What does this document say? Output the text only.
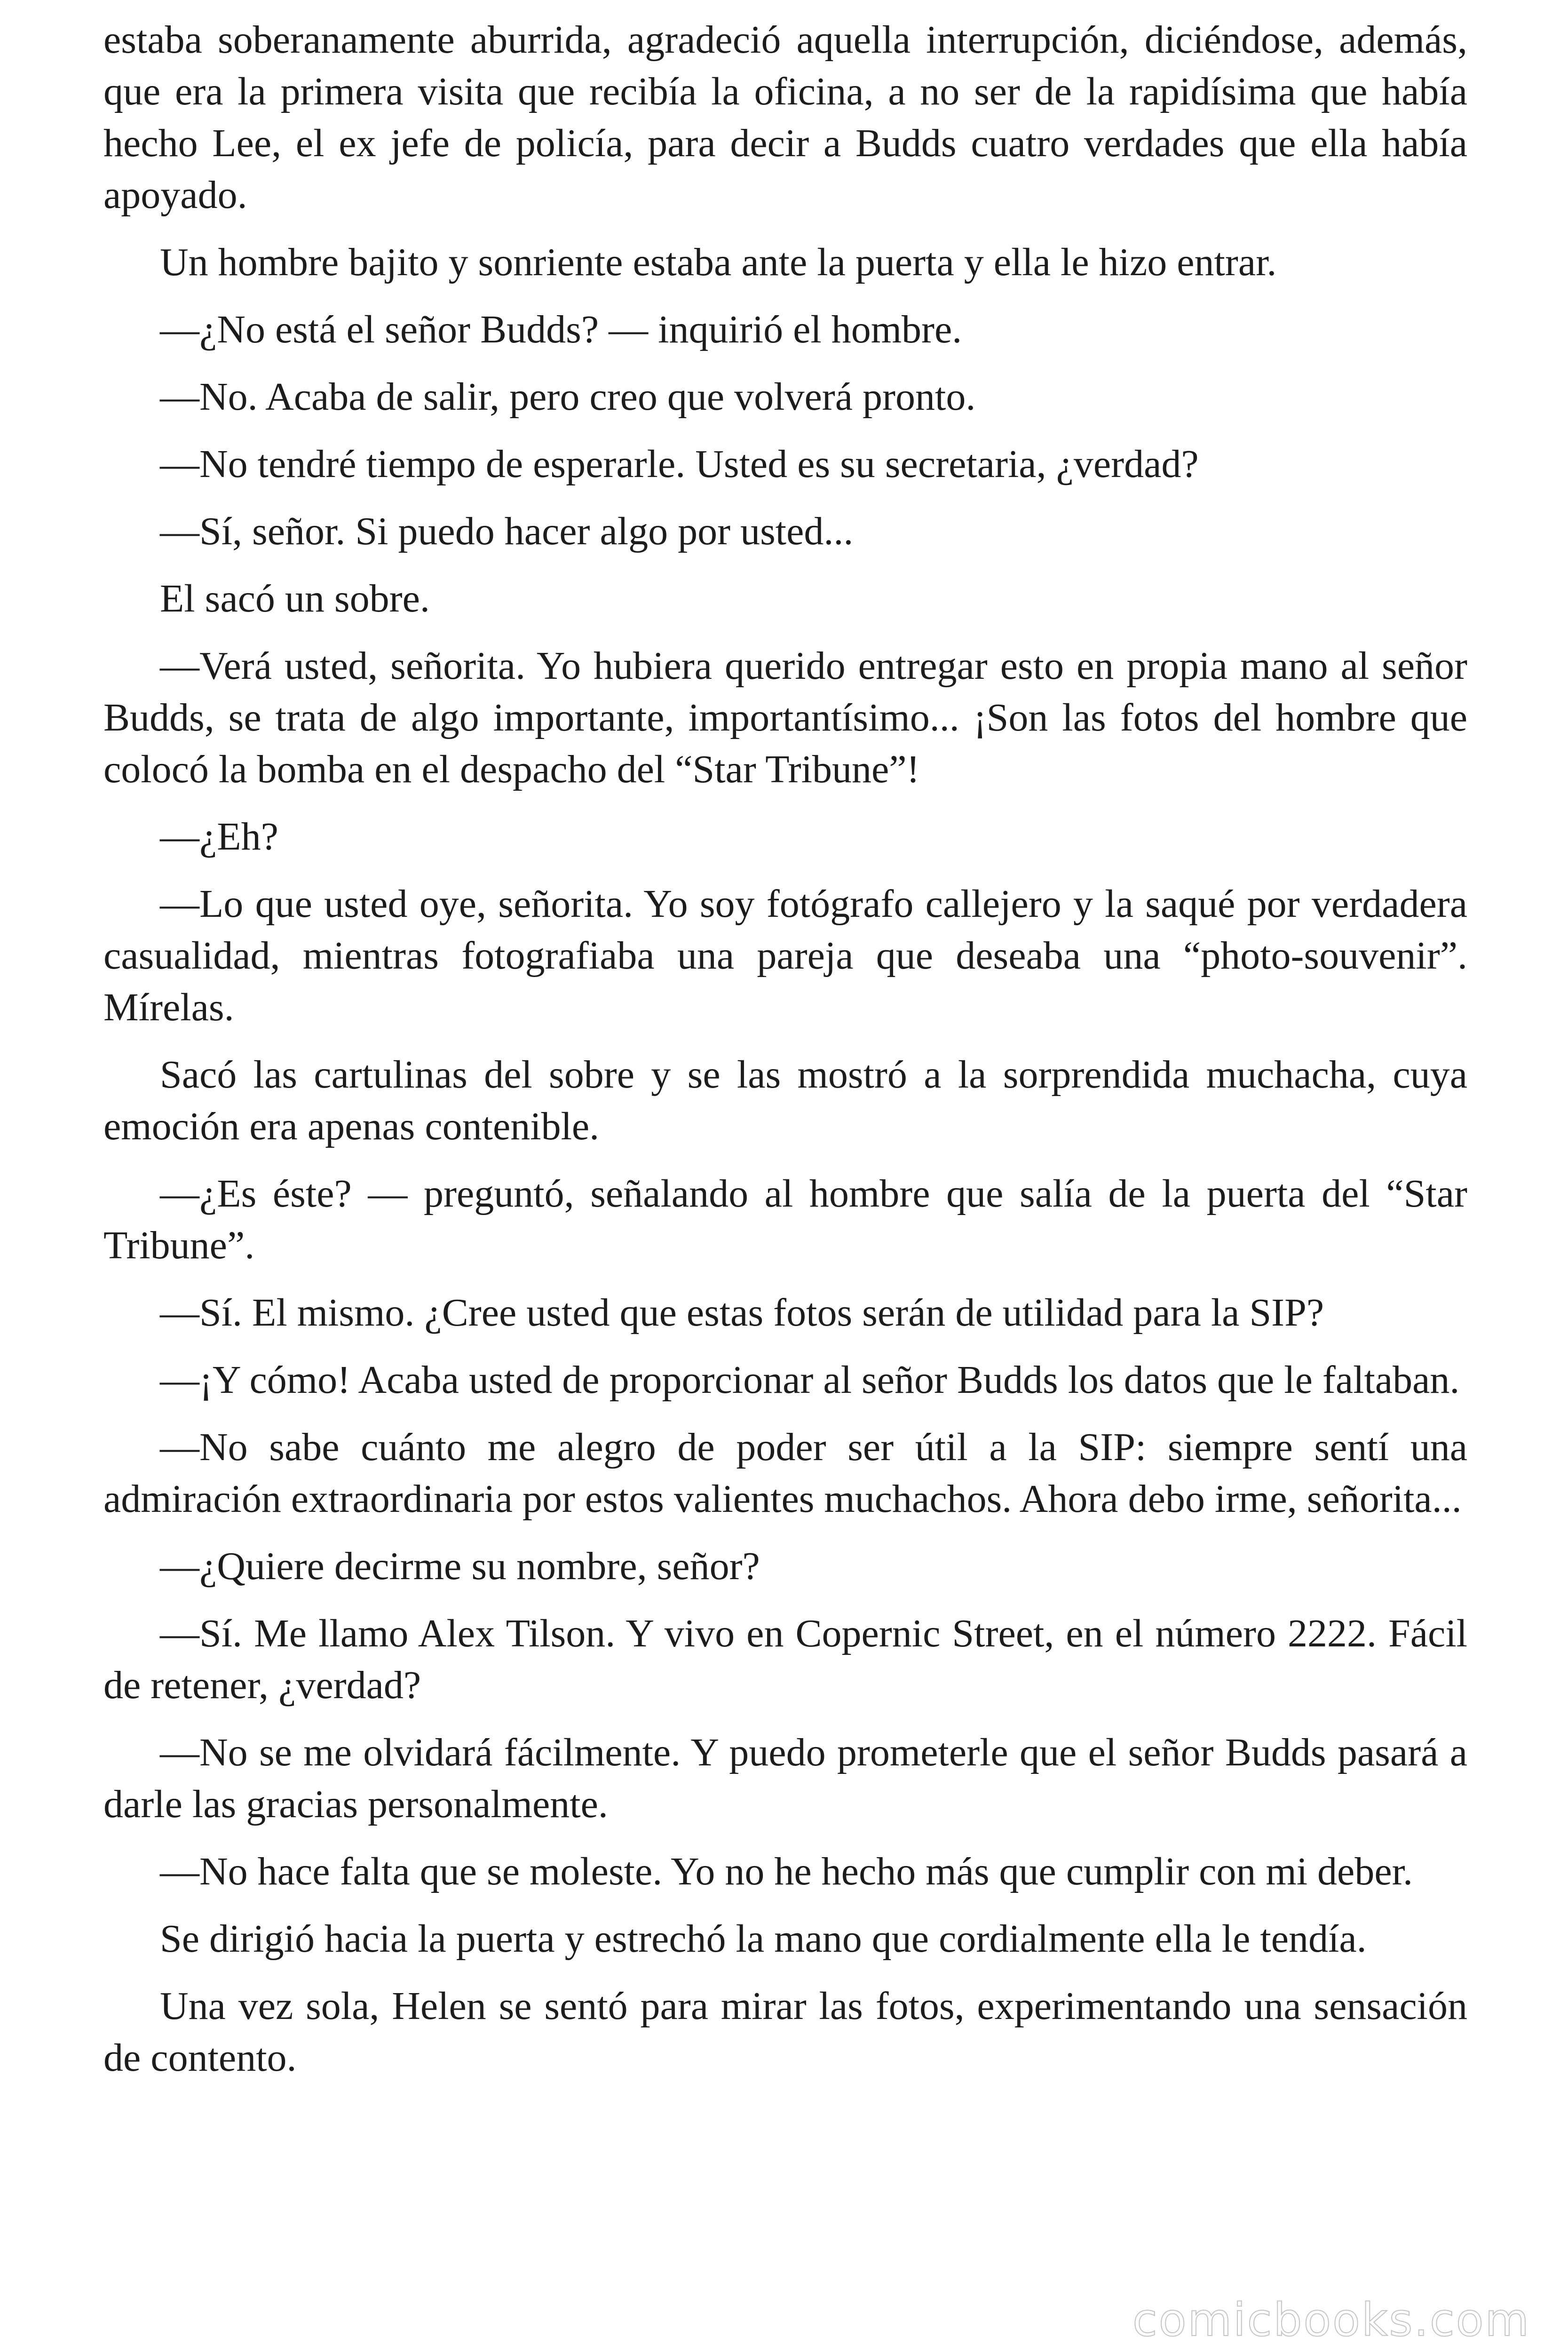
estaba soberanamente aburrida, agradeció aquella interrupción, diciéndose, además, que era la primera visita que recibía la oficina, a no ser de la rapidísima que había hecho Lee, el ex jefe de policía, para decir a Budds cuatro verdades que ella había apoyado.

Un hombre bajito y sonriente estaba ante la puerta y ella le hizo entrar.

—¿No está el señor Budds? — inquirió el hombre.

—No. Acaba de salir, pero creo que volverá pronto.

—No tendré tiempo de esperarle. Usted es su secretaria, ¿verdad?

—Sí, señor. Si puedo hacer algo por usted...

El sacó un sobre.

—Verá usted, señorita. Yo hubiera querido entregar esto en propia mano al señor Budds, se trata de algo importante, importantísimo... ¡Son las fotos del hombre que colocó la bomba en el despacho del “Star Tribune”!

—¿Eh?

—Lo que usted oye, señorita. Yo soy fotógrafo callejero y la saqué por verdadera casualidad, mientras fotografiaba una pareja que deseaba una “photo-souvenir”. Mírelas.

Sacó las cartulinas del sobre y se las mostró a la sorprendida muchacha, cuya emoción era apenas contenible.

—¿Es éste? — preguntó, señalando al hombre que salía de la puerta del “Star Tribune”.

—Sí. El mismo. ¿Cree usted que estas fotos serán de utilidad para la SIP?

—¡Y cómo! Acaba usted de proporcionar al señor Budds los datos que le faltaban.

—No sabe cuánto me alegro de poder ser útil a la SIP: siempre sentí una admiración extraordinaria por estos valientes muchachos. Ahora debo irme, señorita...

—¿Quiere decirme su nombre, señor?

—Sí. Me llamo Alex Tilson. Y vivo en Copernic Street, en el número 2222. Fácil de retener, ¿verdad?

—No se me olvidará fácilmente. Y puedo prometerle que el señor Budds pasará a darle las gracias personalmente.

—No hace falta que se moleste. Yo no he hecho más que cumplir con mi deber.

Se dirigió hacia la puerta y estrechó la mano que cordialmente ella le tendía.

Una vez sola, Helen se sentó para mirar las fotos, experimentando una sensación de contento.

comicbooks.com
